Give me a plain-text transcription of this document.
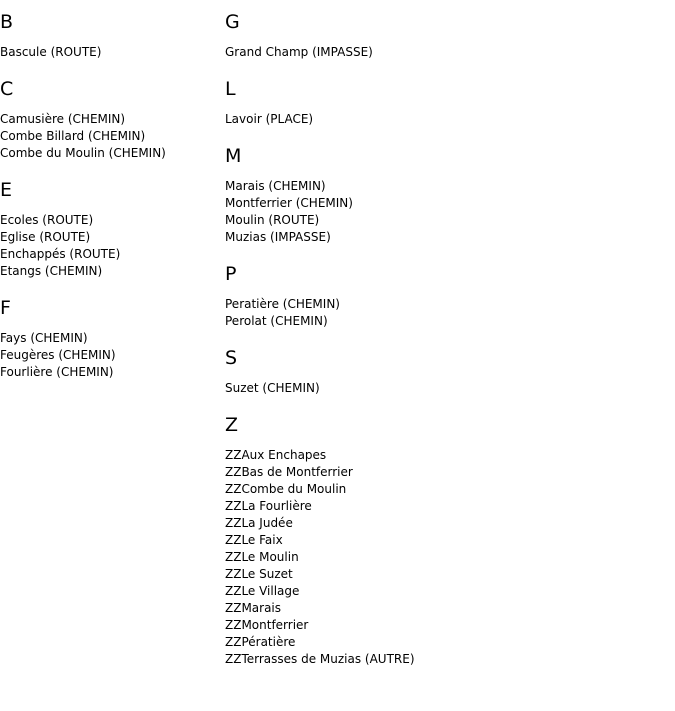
B
Bascule (ROUTE)
C
Camusière (CHEMIN)
Combe Billard (CHEMIN)
Combe du Moulin (CHEMIN)
E
Ecoles (ROUTE)
Eglise (ROUTE)
Enchappés (ROUTE)
Etangs (CHEMIN)
F
Fays (CHEMIN)
Feugères (CHEMIN)
Fourlière (CHEMIN)
G
Grand Champ (IMPASSE)
L
Lavoir (PLACE)
M
Marais (CHEMIN)
Montferrier (CHEMIN)
Moulin (ROUTE)
Muzias (IMPASSE)
P
Peratière (CHEMIN)
Perolat (CHEMIN)
S
Suzet (CHEMIN)
Z
ZZAux Enchapes
ZZBas de Montferrier
ZZCombe du Moulin
ZZLa Fourlière
ZZLa Judée
ZZLe Faix
ZZLe Moulin
ZZLe Suzet
ZZLe Village
ZZMarais
ZZMontferrier
ZZPératière
ZZTerrasses de Muzias (AUTRE)
